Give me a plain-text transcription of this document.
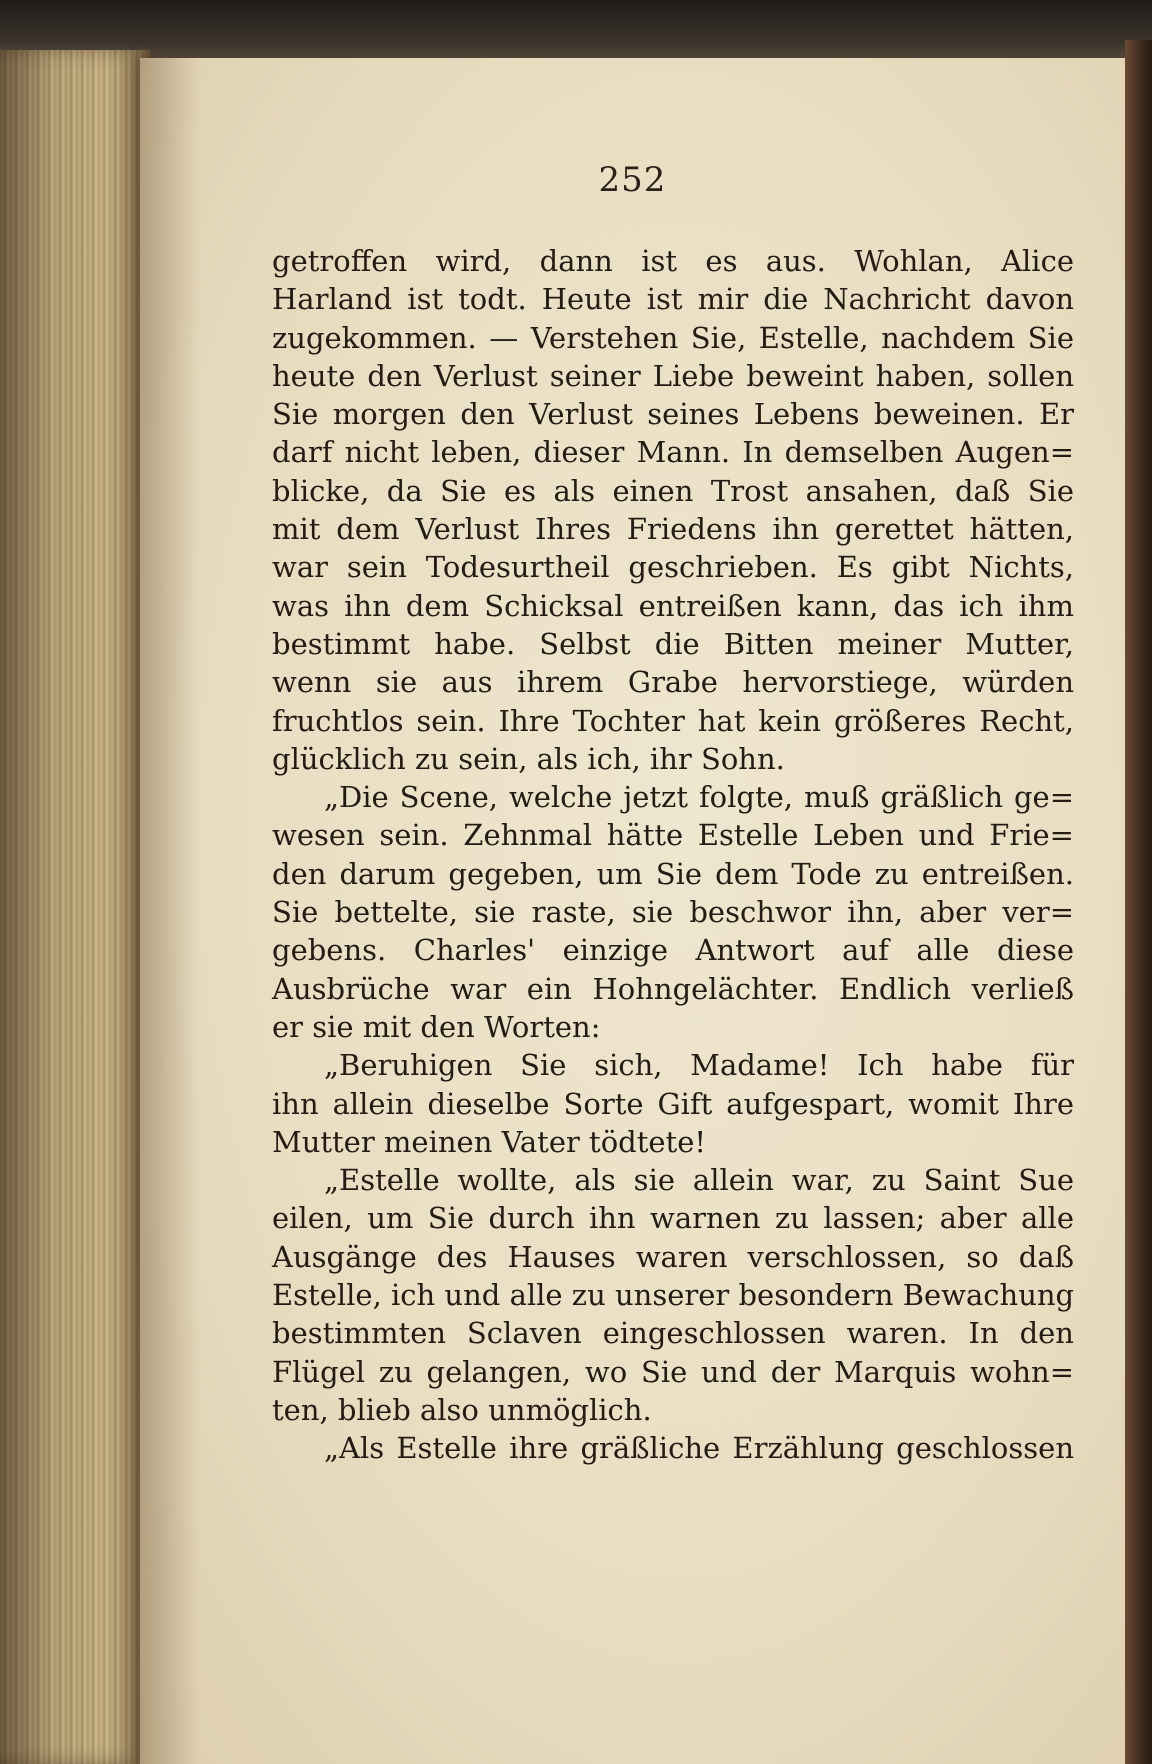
252
getroffen wird, dann ist es aus. Wohlan, Alice
Harland ist todt. Heute ist mir die Nachricht davon
zugekommen. — Verstehen Sie, Estelle, nachdem Sie
heute den Verlust seiner Liebe beweint haben, sollen
Sie morgen den Verlust seines Lebens beweinen. Er
darf nicht leben, dieser Mann. In demselben Augen=
blicke, da Sie es als einen Trost ansahen, daß Sie
mit dem Verlust Ihres Friedens ihn gerettet hätten,
war sein Todesurtheil geschrieben. Es gibt Nichts,
was ihn dem Schicksal entreißen kann, das ich ihm
bestimmt habe. Selbst die Bitten meiner Mutter,
wenn sie aus ihrem Grabe hervorstiege, würden
fruchtlos sein. Ihre Tochter hat kein größeres Recht,
glücklich zu sein, als ich, ihr Sohn.
„Die Scene, welche jetzt folgte, muß gräßlich ge=
wesen sein. Zehnmal hätte Estelle Leben und Frie=
den darum gegeben, um Sie dem Tode zu entreißen.
Sie bettelte, sie raste, sie beschwor ihn, aber ver=
gebens. Charles' einzige Antwort auf alle diese
Ausbrüche war ein Hohngelächter. Endlich verließ
er sie mit den Worten:
„Beruhigen Sie sich, Madame! Ich habe für
ihn allein dieselbe Sorte Gift aufgespart, womit Ihre
Mutter meinen Vater tödtete!
„Estelle wollte, als sie allein war, zu Saint Sue
eilen, um Sie durch ihn warnen zu lassen; aber alle
Ausgänge des Hauses waren verschlossen, so daß
Estelle, ich und alle zu unserer besondern Bewachung
bestimmten Sclaven eingeschlossen waren. In den
Flügel zu gelangen, wo Sie und der Marquis wohn=
ten, blieb also unmöglich.
„Als Estelle ihre gräßliche Erzählung geschlossen
